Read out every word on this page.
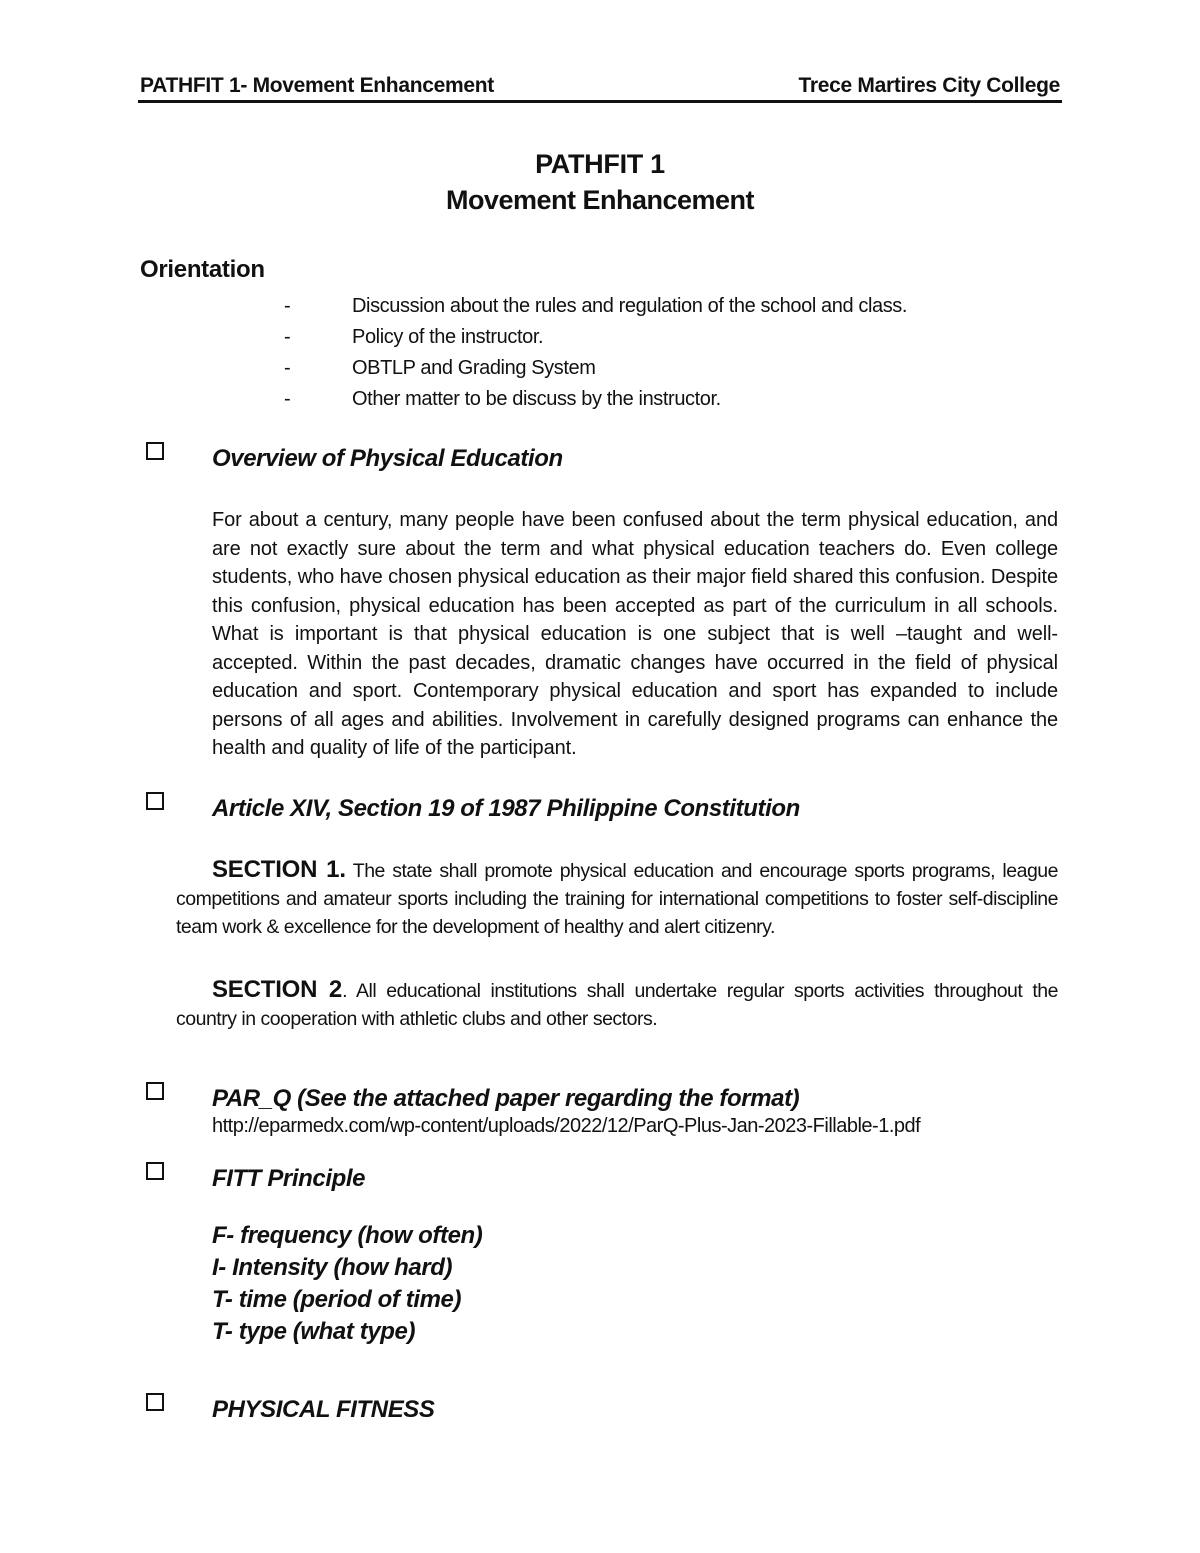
PATHFIT 1- Movement Enhancement	Trece Martires City College
PATHFIT 1
Movement Enhancement
Orientation
-	Discussion about the rules and regulation of the school and class.
-	Policy of the instructor.
-	OBTLP and Grading System
-	Other matter to be discuss by the instructor.
Overview of Physical Education

For about a century, many people have been confused about the term physical education, and are not exactly sure about the term and what physical education teachers do. Even college students, who have chosen physical education as their major field shared this confusion. Despite this confusion, physical education has been accepted as part of the curriculum in all schools. What is important is that physical education is one subject that is well –taught and well-accepted. Within the past decades, dramatic changes have occurred in the field of physical education and sport. Contemporary physical education and sport has expanded to include persons of all ages and abilities. Involvement in carefully designed programs can enhance the health and quality of life of the participant.

Article XIV, Section 19 of 1987 Philippine Constitution

SECTION 1. The state shall promote physical education and encourage sports programs, league competitions and amateur sports including the training for international competitions to foster self-discipline team work & excellence for the development of healthy and alert citizenry.

SECTION 2. All educational institutions shall undertake regular sports activities throughout the country in cooperation with athletic clubs and other sectors.

PAR_Q (See the attached paper regarding the format)
http://eparmedx.com/wp-content/uploads/2022/12/ParQ-Plus-Jan-2023-Fillable-1.pdf
FITT Principle
F- frequency (how often)
I- Intensity (how hard)
T- time (period of time)
T- type (what type)
PHYSICAL FITNESS
